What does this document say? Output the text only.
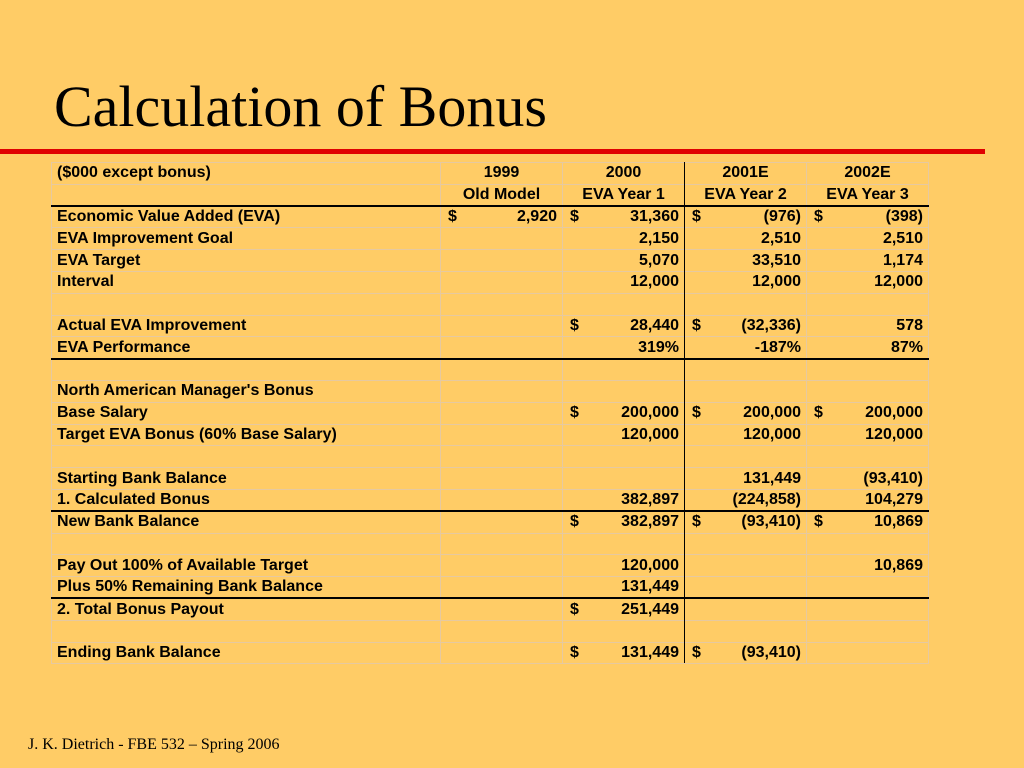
Calculation of Bonus
($000 except bonus)	1999	2000	2001E	2002E
	Old Model	EVA Year 1	EVA Year 2	EVA Year 3
Economic Value Added (EVA)	$ 2,920	$ 31,360	$ (976)	$ (398)

EVA Improvement Goal		2,150	2,510	2,510

EVA Target		5,070	33,510	1,174

Interval		12,000	12,000	12,000

Actual EVA Improvement		$ 28,440	$ (32,336)	578

EVA Performance		319%	-187%	87%

North American Manager's Bonus	

Base Salary		$ 200,000	$ 200,000	$ 200,000

Target EVA Bonus (60% Base Salary)		120,000	120,000	120,000

Starting Bank Balance			131,449	(93,410)

1. Calculated Bonus		382,897	(224,858)	104,279

New Bank Balance		$ 382,897	$ (93,410)	$ 10,869

Pay Out 100% of Available Target		120,000		10,869

Plus 50% Remaining Bank Balance		131,449		

2. Total Bonus Payout		$ 251,449		

Ending Bank Balance		$ 131,449	$ (93,410)	

J. K. Dietrich - FBE 532 – Spring 2006
